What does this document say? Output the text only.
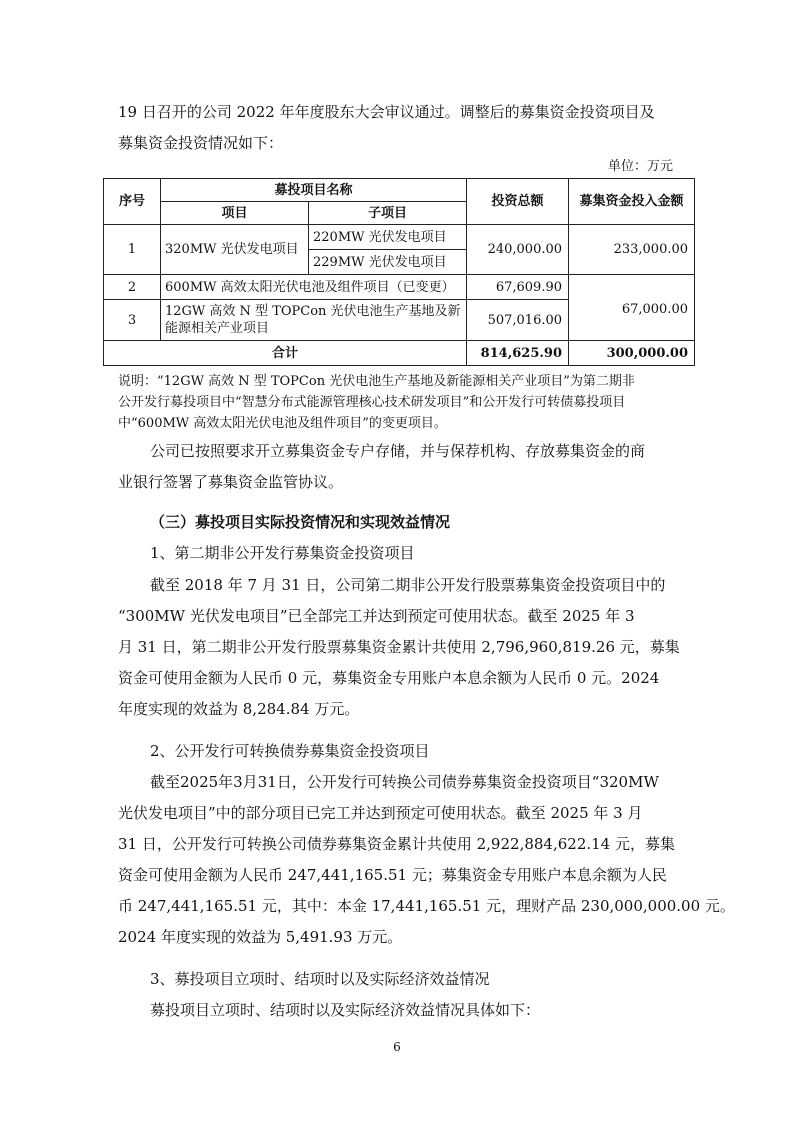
19 日召开的公司 2022 年年度股东大会审议通过。调整后的募集资金投资项目及
募集资金投资情况如下：
单位：万元
序号	募投项目名称		投资总额	募集资金投入金额
	项目	子项目		
1	320MW 光伏发电项目	220MW 光伏发电项目	240,000.00	233,000.00
		229MW 光伏发电项目		
2	600MW 高效太阳光伏电池及组件项目（已变更）		67,609.90	67,000.00
3	12GW 高效 N 型 TOPCon 光伏电池生产基地及新
能源相关产业项目		507,016.00	
合计			814,625.90	300,000.00
说明：“12GW 高效 N 型 TOPCon 光伏电池生产基地及新能源相关产业项目”为第二期非
公开发行募投项目中“智慧分布式能源管理核心技术研发项目”和公开发行可转债募投项目
中“600MW 高效太阳光伏电池及组件项目”的变更项目。
公司已按照要求开立募集资金专户存储，并与保荐机构、存放募集资金的商
业银行签署了募集资金监管协议。
（三）募投项目实际投资情况和实现效益情况
1、第二期非公开发行募集资金投资项目
截至 2018 年 7 月 31 日，公司第二期非公开发行股票募集资金投资项目中的
“300MW 光伏发电项目”已全部完工并达到预定可使用状态。截至 2025 年 3
月 31 日，第二期非公开发行股票募集资金累计共使用 2,796,960,819.26 元，募集
资金可使用金额为人民币 0 元，募集资金专用账户本息余额为人民币 0 元。2024
年度实现的效益为 8,284.84 万元。
2、公开发行可转换债券募集资金投资项目
截至2025年3月31日，公开发行可转换公司债券募集资金投资项目“320MW
光伏发电项目”中的部分项目已完工并达到预定可使用状态。截至 2025 年 3 月
31 日，公开发行可转换公司债券募集资金累计共使用 2,922,884,622.14 元，募集
资金可使用金额为人民币 247,441,165.51 元；募集资金专用账户本息余额为人民
币 247,441,165.51 元，其中：本金 17,441,165.51 元，理财产品 230,000,000.00 元。
2024 年度实现的效益为 5,491.93 万元。
3、募投项目立项时、结项时以及实际经济效益情况
募投项目立项时、结项时以及实际经济效益情况具体如下：
6
